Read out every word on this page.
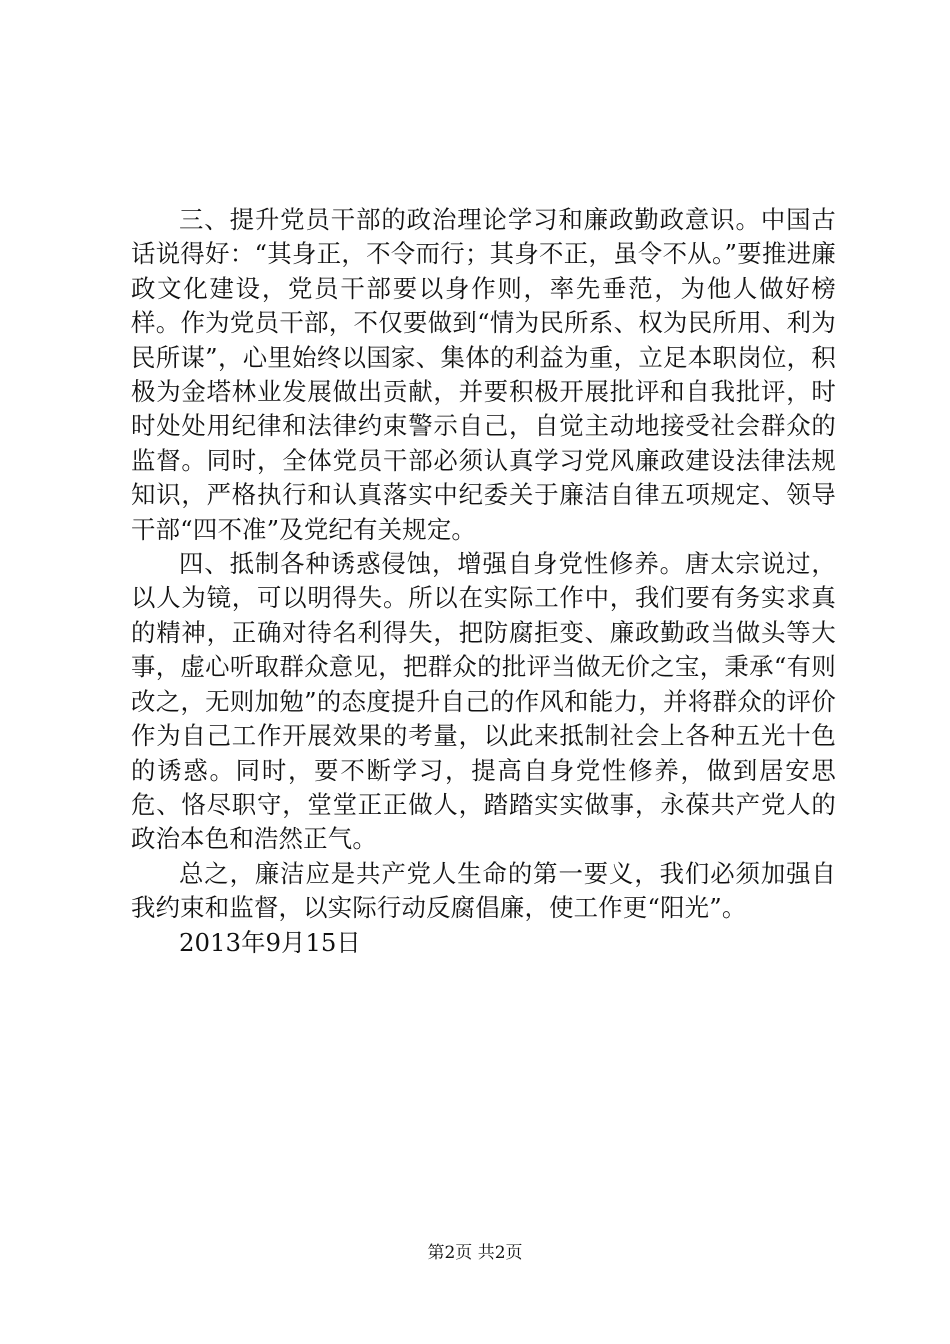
三、提升党员干部的政治理论学习和廉政勤政意识。中国古话说得好：“其身正，不令而行；其身不正，虽令不从。”要推进廉政文化建设，党员干部要以身作则，率先垂范，为他人做好榜样。作为党员干部，不仅要做到“情为民所系、权为民所用、利为民所谋”，心里始终以国家、集体的利益为重，立足本职岗位，积极为金塔林业发展做出贡献，并要积极开展批评和自我批评，时时处处用纪律和法律约束警示自己，自觉主动地接受社会群众的监督。同时，全体党员干部必须认真学习党风廉政建设法律法规知识，严格执行和认真落实中纪委关于廉洁自律五项规定、领导干部“四不准”及党纪有关规定。

四、抵制各种诱惑侵蚀，增强自身党性修养。唐太宗说过，以人为镜，可以明得失。所以在实际工作中，我们要有务实求真的精神，正确对待名利得失，把防腐拒变、廉政勤政当做头等大事，虚心听取群众意见，把群众的批评当做无价之宝，秉承“有则改之，无则加勉”的态度提升自己的作风和能力，并将群众的评价作为自己工作开展效果的考量，以此来抵制社会上各种五光十色的诱惑。同时，要不断学习，提高自身党性修养，做到居安思危、恪尽职守，堂堂正正做人，踏踏实实做事，永葆共产党人的政治本色和浩然正气。

总之，廉洁应是共产党人生命的第一要义，我们必须加强自我约束和监督，以实际行动反腐倡廉，使工作更“阳光”。

2013年9月15日

第2页 共2页
